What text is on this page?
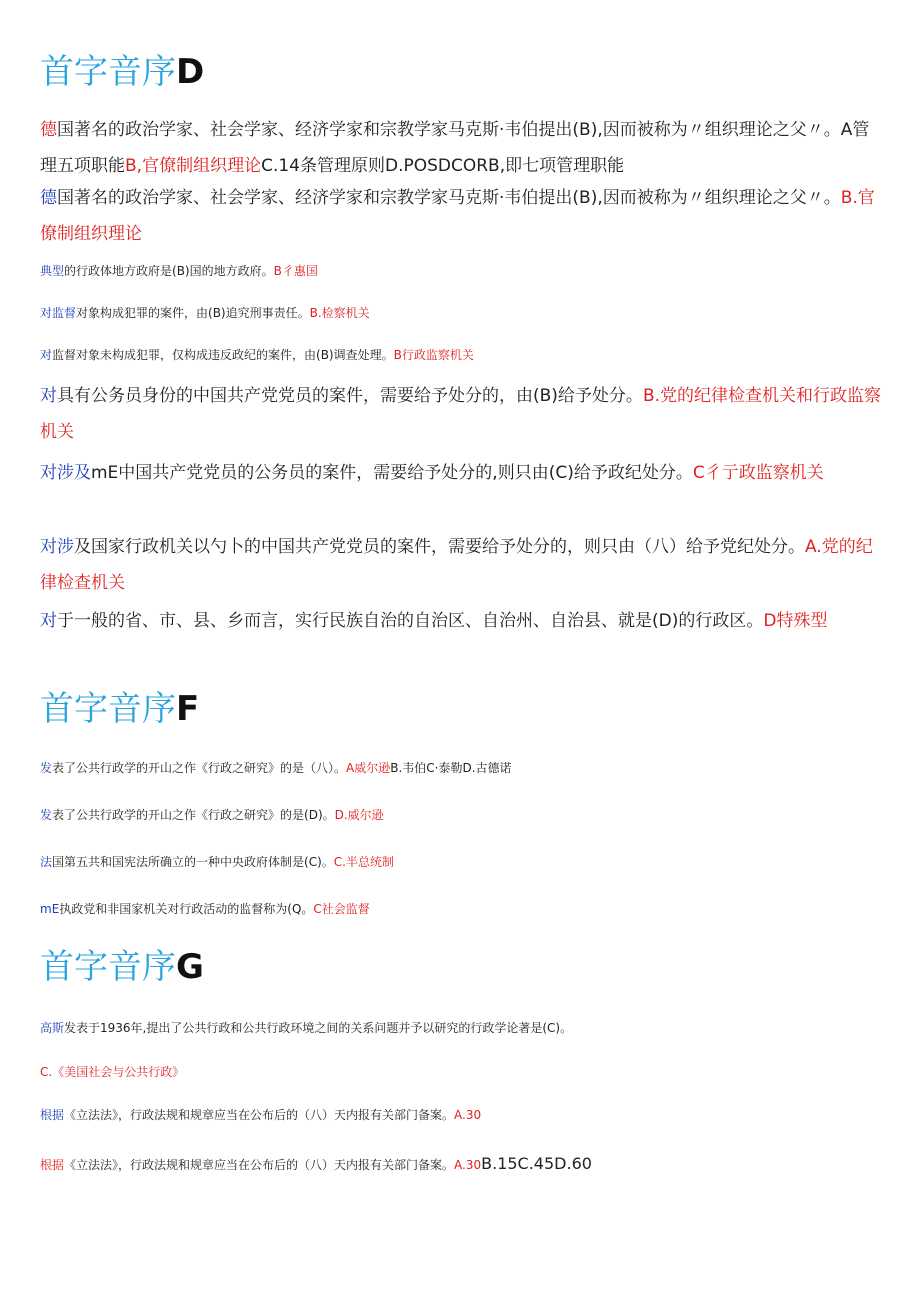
首字音序D

德国著名的政治学家、社会学家、经济学家和宗教学家马克斯·韦伯提出(B),因而被称为〃组织理论之父〃。A管理五项职能B,官僚制组织理论C.14条管理原则D.POSDCORB,即七项管理职能

德国著名的政治学家、社会学家、经济学家和宗教学家马克斯·韦伯提出(B),因而被称为〃组织理论之父〃。B.官僚制组织理论

典型的行政体地方政府是(B)国的地方政府。B彳惠国

对监督对象构成犯罪的案件，由(B)追究刑事责任。B.检察机关

对监督对象未构成犯罪，仅构成违反政纪的案件，由(B)调查处理。B行政监察机关

对具有公务员身份的中国共产党党员的案件，需要给予处分的，由(B)给予处分。B.党的纪律检查机关和行政监察机关

对涉及mE中国共产党党员的公务员的案件，需要给予处分的,则只由(C)给予政纪处分。C彳亍政监察机关

对涉及国家行政机关以勺卜的中国共产党党员的案件，需要给予处分的，则只由（八）给予党纪处分。A.党的纪律检查机关

对于一般的省、市、县、乡而言，实行民族自治的自治区、自治州、自治县、就是(D)的行政区。D特殊型

首字音序F

发表了公共行政学的开山之作《行政之研究》的是（八）。A威尔逊B.韦伯C·泰勒D.古德诺

发表了公共行政学的开山之作《行政之研究》的是(D)。D.威尔逊

法国第五共和国宪法所确立的一种中央政府体制是(C)。C.半总统制

mE执政党和非国家机关对行政活动的监督称为(Q。C社会监督

首字音序G

高斯发表于1936年,提出了公共行政和公共行政环境之间的关系问题并予以研究的行政学论著是(C)。

C.《美国社会与公共行政》

根据《立法法》，行政法规和规章应当在公布后的（八）天内报有关部门备案。A.30

根据《立法法》，行政法规和规章应当在公布后的（八）天内报有关部门备案。A.30B.15C.45D.60
